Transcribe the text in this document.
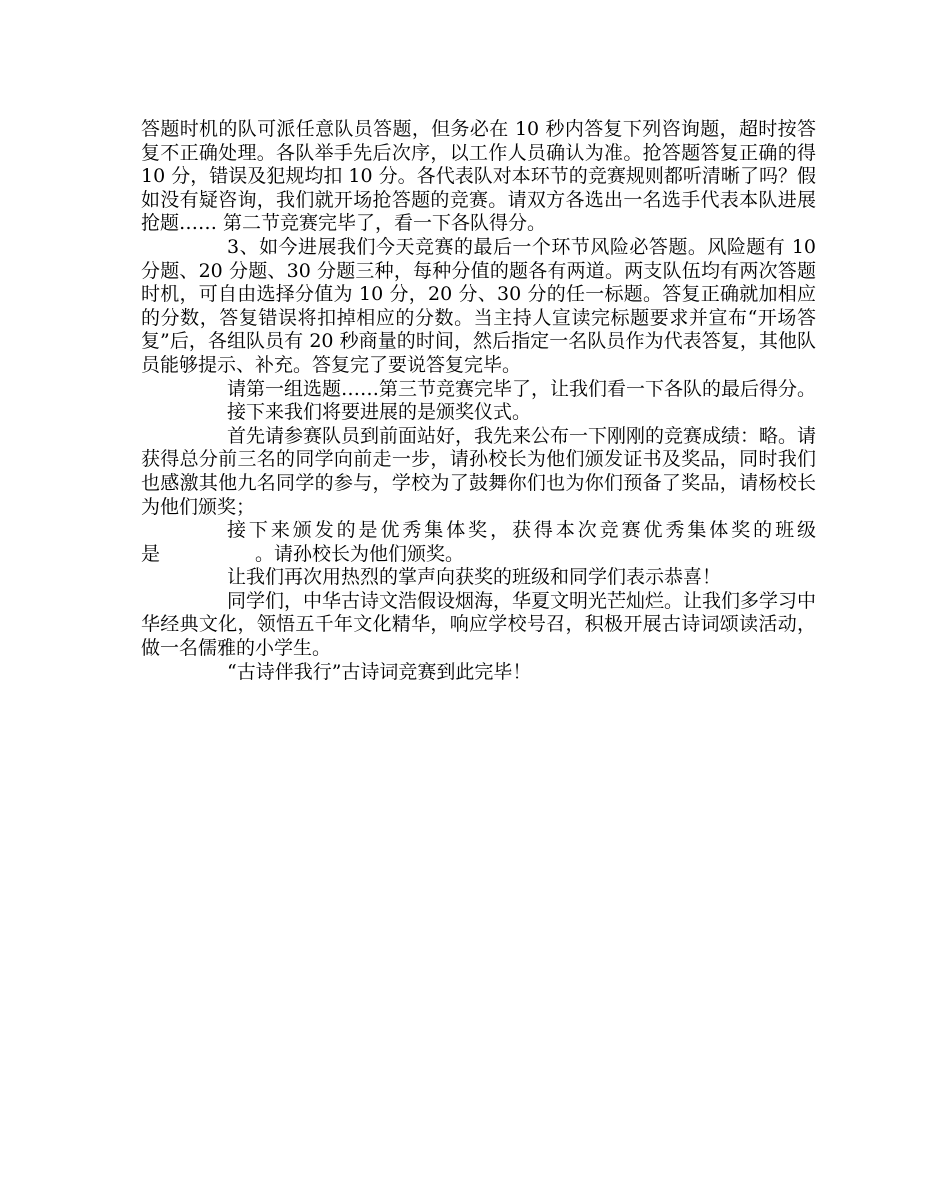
答题时机的队可派任意队员答题，但务必在 10 秒内答复下列咨询题，超时按答复不正确处理。各队举手先后次序，以工作人员确认为准。抢答题答复正确的得 10 分，错误及犯规均扣 10 分。各代表队对本环节的竞赛规则都听清晰了吗？假如没有疑咨询，我们就开场抢答题的竞赛。请双方各选出一名选手代表本队进展抢题…… 第二节竞赛完毕了，看一下各队得分。

3、如今进展我们今天竞赛的最后一个环节风险必答题。风险题有 10 分题、20 分题、30 分题三种，每种分值的题各有两道。两支队伍均有两次答题时机，可自由选择分值为 10 分，20 分、30 分的任一标题。答复正确就加相应的分数，答复错误将扣掉相应的分数。当主持人宣读完标题要求并宣布“开场答复”后，各组队员有 20 秒商量的时间，然后指定一名队员作为代表答复，其他队员能够提示、补充。答复完了要说答复完毕。

请第一组选题……第三节竞赛完毕了，让我们看一下各队的最后得分。

接下来我们将要进展的是颁奖仪式。

首先请参赛队员到前面站好，我先来公布一下刚刚的竞赛成绩：略。请获得总分前三名的同学向前走一步，请孙校长为他们颁发证书及奖品，同时我们也感激其他九名同学的参与，学校为了鼓舞你们也为你们预备了奖品，请杨校长为他们颁奖；

接下来颁发的是优秀集体奖，获得本次竞赛优秀集体奖的班级是　　　　　。请孙校长为他们颁奖。

让我们再次用热烈的掌声向获奖的班级和同学们表示恭喜！

同学们，中华古诗文浩假设烟海，华夏文明光芒灿烂。让我们多学习中华经典文化，领悟五千年文化精华，响应学校号召，积极开展古诗词颂读活动，做一名儒雅的小学生。

“古诗伴我行”古诗词竞赛到此完毕！
